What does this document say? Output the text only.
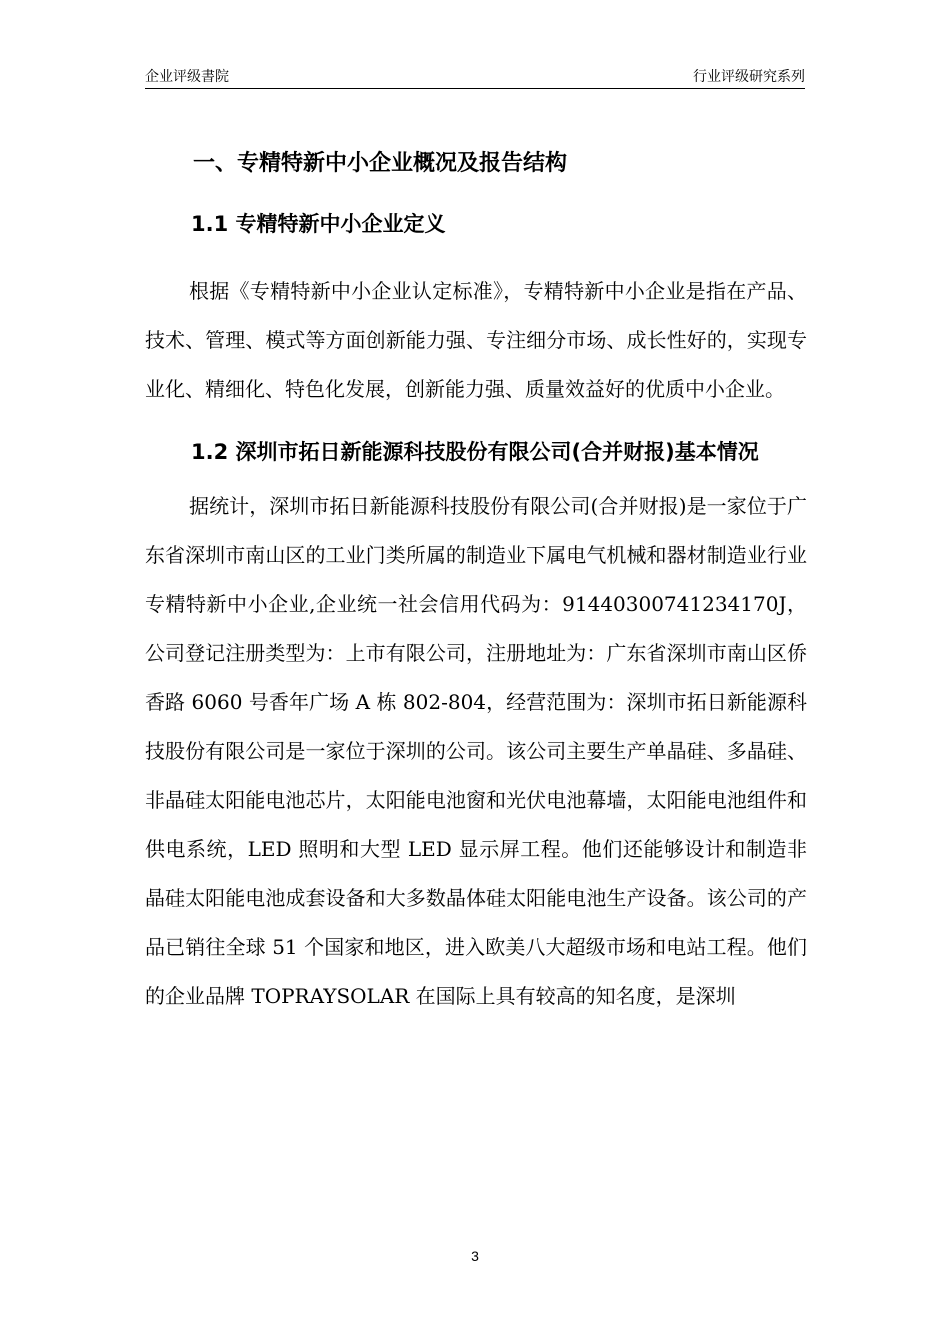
企业评级書院	行业评级研究系列
一、专精特新中小企业概况及报告结构
1.1 专精特新中小企业定义

根据《专精特新中小企业认定标准》，专精特新中小企业是指在产品、技术、管理、模式等方面创新能力强、专注细分市场、成长性好的，实现专业化、精细化、特色化发展，创新能力强、质量效益好的优质中小企业。

1.2 深圳市拓日新能源科技股份有限公司(合并财报)基本情况

据统计，深圳市拓日新能源科技股份有限公司(合并财报)是一家位于广东省深圳市南山区的工业门类所属的制造业下属电气机械和器材制造业行业专精特新中小企业,企业统一社会信用代码为：91440300741234170J，公司登记注册类型为：上市有限公司，注册地址为：广东省深圳市南山区侨香路 6060 号香年广场 A 栋 802-804，经营范围为：深圳市拓日新能源科技股份有限公司是一家位于深圳的公司。该公司主要生产单晶硅、多晶硅、非晶硅太阳能电池芯片，太阳能电池窗和光伏电池幕墙，太阳能电池组件和供电系统，LED 照明和大型 LED 显示屏工程。他们还能够设计和制造非晶硅太阳能电池成套设备和大多数晶体硅太阳能电池生产设备。该公司的产品已销往全球 51 个国家和地区，进入欧美八大超级市场和电站工程。他们的企业品牌 TOPRAYSOLAR 在国际上具有较高的知名度，是深圳

3
